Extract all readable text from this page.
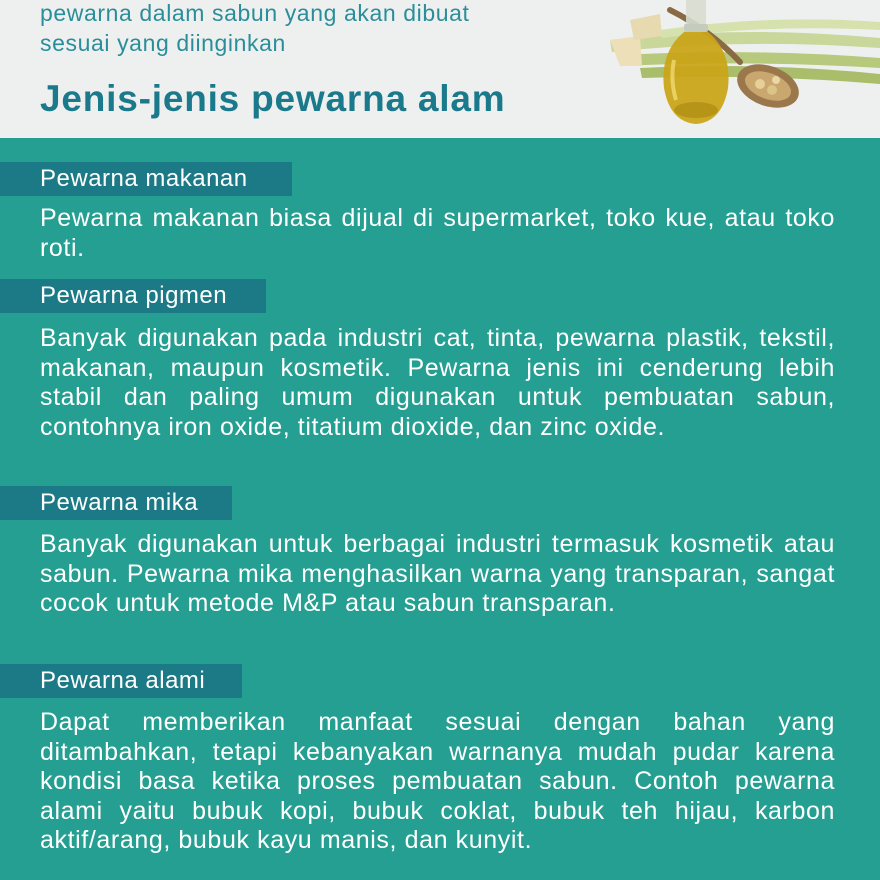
pewarna dalam sabun yang akan dibuat

sesuai yang diinginkan

Jenis-jenis pewarna alam
Pewarna makanan

Pewarna makanan biasa dijual di supermarket, toko kue, atau toko roti.

Pewarna pigmen

Banyak digunakan pada industri cat, tinta, pewarna plastik, tekstil, makanan, maupun kosmetik. Pewarna jenis ini cenderung lebih stabil dan paling umum digunakan untuk pembuatan sabun, contohnya iron oxide, titatium dioxide, dan zinc oxide.

Pewarna mika

Banyak digunakan untuk berbagai industri termasuk kosmetik atau sabun. Pewarna mika menghasilkan warna yang transparan, sangat cocok untuk metode M&P atau sabun transparan.

Pewarna alami

Dapat memberikan manfaat sesuai dengan bahan yang ditambahkan, tetapi kebanyakan warnanya mudah pudar karena kondisi basa ketika proses pembuatan sabun. Contoh pewarna alami yaitu bubuk kopi, bubuk coklat, bubuk teh hijau, karbon aktif/arang, bubuk kayu manis, dan kunyit.
